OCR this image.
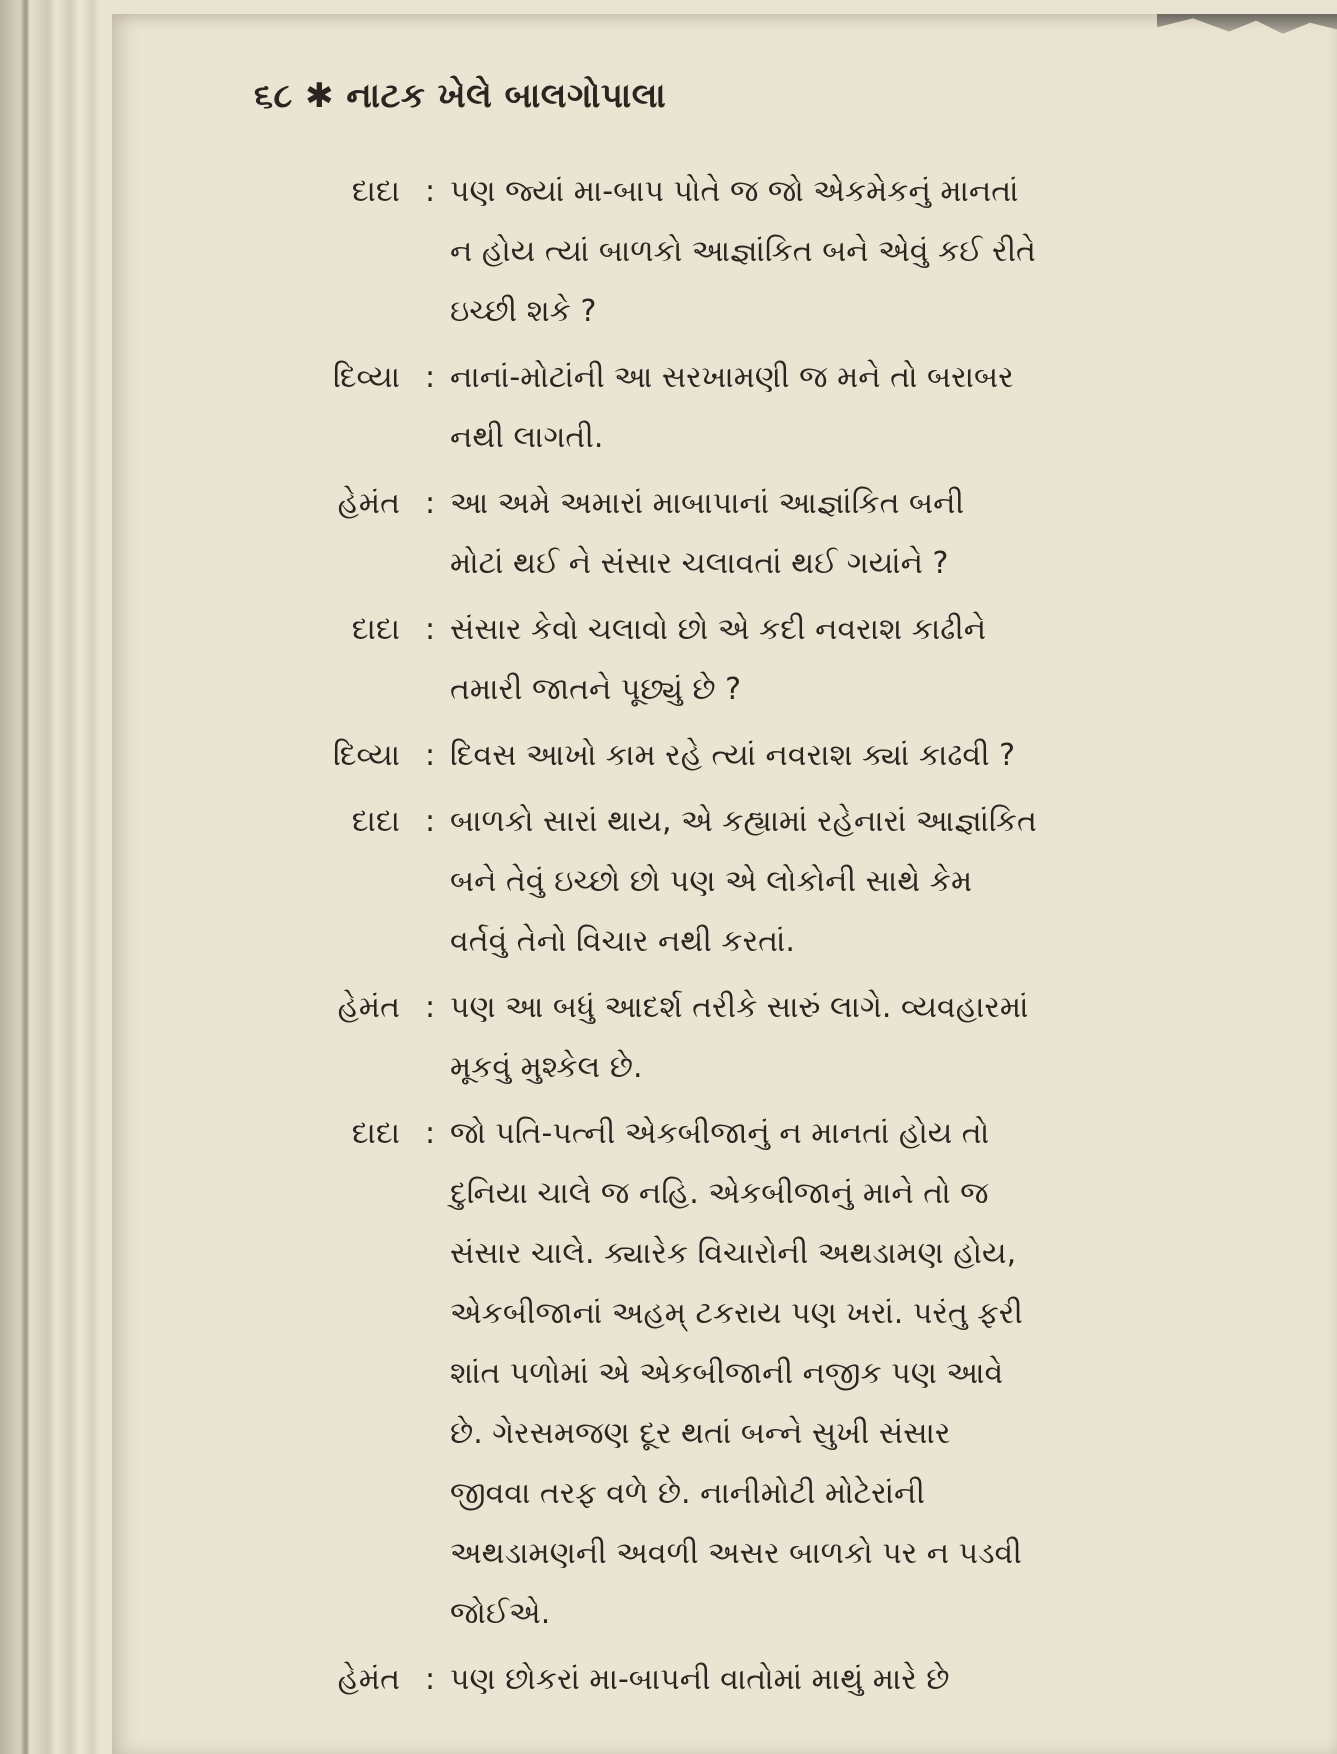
૬૮ ✱ નાટક ખેલે બાલગોપાલા
દાદા : પણ જ્યાં મા-બાપ પોતે જ જો એકમેકનું માનતાં
ન હોય ત્યાં બાળકો આજ્ઞાંકિત બને એવું કઈ રીતે
ઇચ્છી શકે ?
દિવ્યા : નાનાં-મોટાંની આ સરખામણી જ મને તો બરાબર
નથી લાગતી.
હેમંત : આ અમે અમારાં માબાપાનાં આજ્ઞાંકિત બની
મોટાં થઈ ને સંસાર ચલાવતાં થઈ ગયાંને ?
દાદા : સંસાર કેવો ચલાવો છો એ કદી નવરાશ કાઢીને
તમારી જાતને પૂછ્યું છે ?
દિવ્યા : દિવસ આખો કામ રહે ત્યાં નવરાશ ક્યાં કાઢવી ?
દાદા : બાળકો સારાં થાય, એ કહ્યામાં રહેનારાં આજ્ઞાંકિત
બને તેવું ઇચ્છો છો પણ એ લોકોની સાથે કેમ
વર્તવું તેનો વિચાર નથી કરતાં.
હેમંત : પણ આ બધું આદર્શ તરીકે સારું લાગે. વ્યવહારમાં
મૂકવું મુશ્કેલ છે.
દાદા : જો પતિ-પત્ની એકબીજાનું ન માનતાં હોય તો
દુનિયા ચાલે જ નહિ. એકબીજાનું માને તો જ
સંસાર ચાલે. ક્યારેક વિચારોની અથડામણ હોય,
એકબીજાનાં અહમ્ ટકરાય પણ ખરાં. પરંતુ ફરી
શાંત પળોમાં એ એકબીજાની નજીક પણ આવે
છે. ગેરસમજણ દૂર થતાં બન્ને સુખી સંસાર
જીવવા તરફ વળે છે. નાનીમોટી મોટેરાંની
અથડામણની અવળી અસર બાળકો પર ન પડવી
જોઈએ.
હેમંત : પણ છોકરાં મા-બાપની વાતોમાં માથું મારે છે
